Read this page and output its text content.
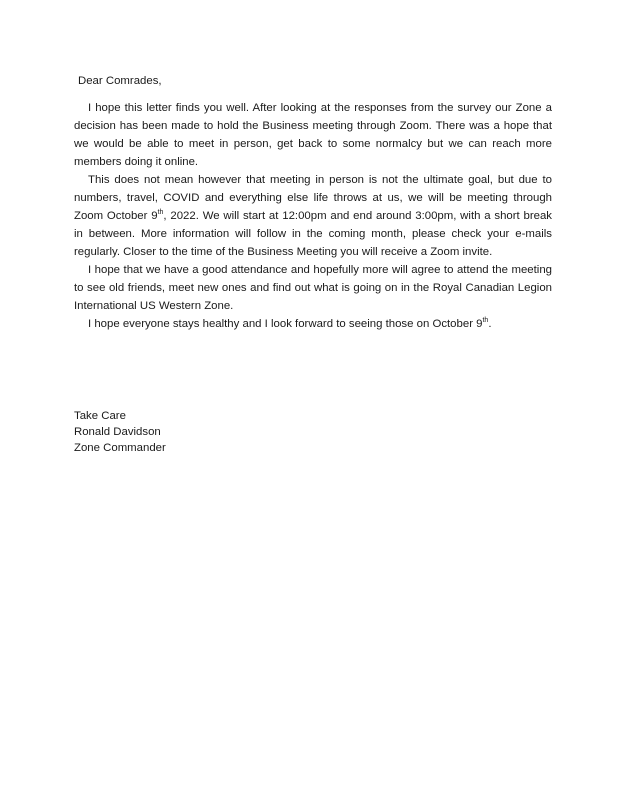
Dear Comrades,

I hope this letter finds you well. After looking at the responses from the survey our Zone a decision has been made to hold the Business meeting through Zoom. There was a hope that we would be able to meet in person, get back to some normalcy but we can reach more members doing it online.

This does not mean however that meeting in person is not the ultimate goal, but due to numbers, travel, COVID and everything else life throws at us, we will be meeting through Zoom October 9th, 2022. We will start at 12:00pm and end around 3:00pm, with a short break in between. More information will follow in the coming month, please check your e-mails regularly. Closer to the time of the Business Meeting you will receive a Zoom invite.

I hope that we have a good attendance and hopefully more will agree to attend the meeting to see old friends, meet new ones and find out what is going on in the Royal Canadian Legion International US Western Zone.

I hope everyone stays healthy and I look forward to seeing those on October 9th.

Take Care
Ronald Davidson
Zone Commander
